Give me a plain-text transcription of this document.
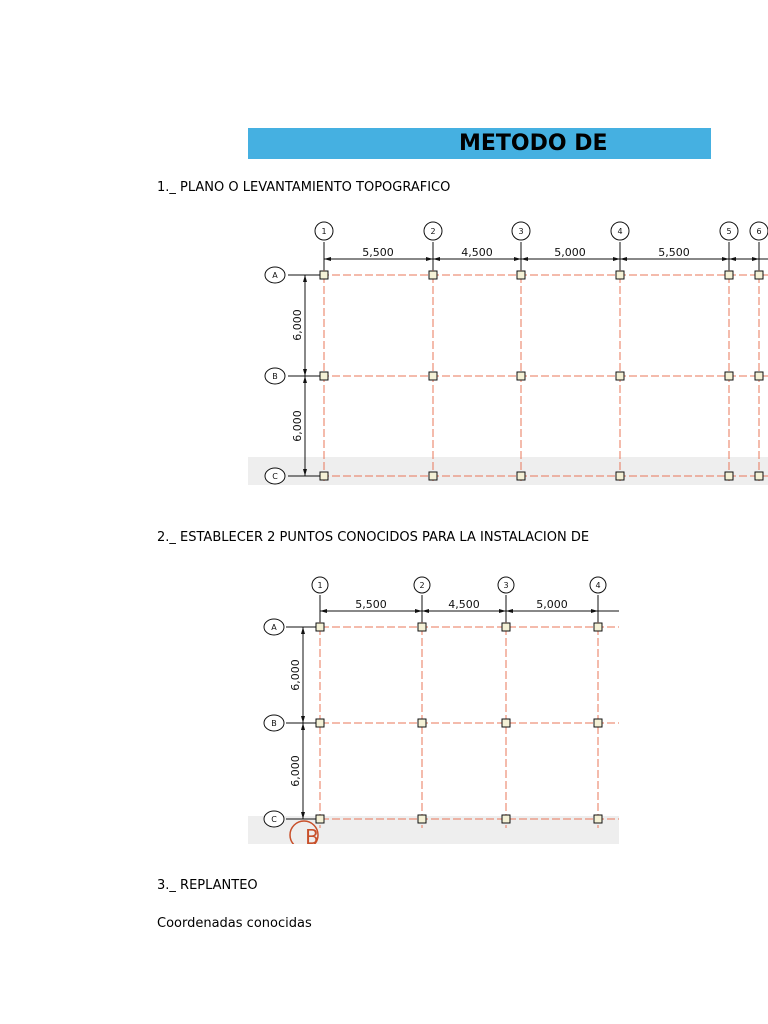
METODO DE
1._ PLANO O LEVANTAMIENTO TOPOGRAFICO
1	2	3	4	5	6
A
B
C
5,500	4,500	5,000	5,500
6,000
6,000
2._ ESTABLECER 2 PUNTOS CONOCIDOS PARA LA INSTALACION DE
1	2	3	4
A
B
C
5,500	4,500	5,000
6,000
6,000
B
3._ REPLANTEO
Coordenadas conocidas
